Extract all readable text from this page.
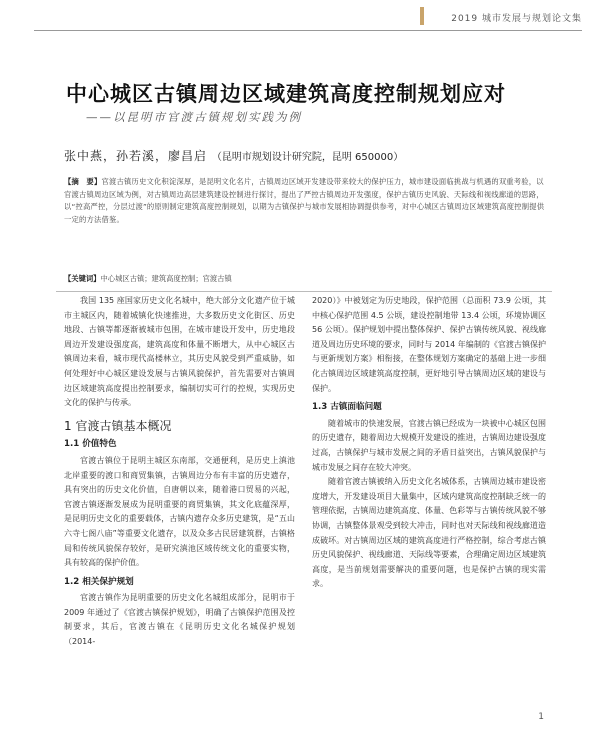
2019 城市发展与规划论文集
中心城区古镇周边区域建筑高度控制规划应对
——以昆明市官渡古镇规划实践为例
张中燕，孙若溪，廖昌启 （昆明市规划设计研究院，昆明 650000）
【摘　要】官渡古镇历史文化积淀深厚，是昆明文化名片，古镇周边区域开发建设带来较大的保护压力，城市建设面临挑战与机遇的双重考验，以官渡古镇周边区域为例，对古镇周边高层建筑建设控制进行探讨，提出了严控古镇周边开发强度，保护古镇历史风貌、天际线和视线廊道的思路，以“控高严控，分层过渡”的原则制定建筑高度控制规划，以期为古镇保护与城市发展相协调提供参考，对中心城区古镇周边区域建筑高度控制提供一定的方法借鉴。
【关键词】中心城区古镇；建筑高度控制；官渡古镇

我国 135 座国家历史文化名城中，绝大部分文化遗产位于城市主城区内，随着城镇化快速推进，大多数历史文化街区、历史地段、古镇等都逐渐被城市包围，在城市建设开发中，历史地段周边开发建设强度高，建筑高度和体量不断增大，从中心城区古镇周边来看，城市现代高楼林立，其历史风貌受到严重威胁，如何处理好中心城区建设发展与古镇风貌保护，首先需要对古镇周边区域建筑高度提出控制要求，编制切实可行的控规，实现历史文化的保护与传承。

1 官渡古镇基本概况
1.1 价值特色

官渡古镇位于昆明主城区东南部，交通便利，是历史上滇池北岸重要的渡口和商贸集镇，古镇周边分布有丰富的历史遗存，具有突出的历史文化价值，自唐朝以来，随着港口贸易的兴起，官渡古镇逐渐发展成为昆明重要的商贸集镇，其文化底蕴深厚，是昆明历史文化的重要载体，古镇内遗存众多历史建筑，是“五山六寺七阁八庙”等重要文化遗存，以及众多古民居建筑群，古镇格局和传统风貌保存较好，是研究滇池区域传统文化的重要实物，具有较高的保护价值。

1.2 相关保护规划

官渡古镇作为昆明重要的历史文化名城组成部分，昆明市于 2009 年通过了《官渡古镇保护规划》，明确了古镇保护范围及控制要求，其后，官渡古镇在《昆明历史文化名城保护规划（2014-

2020）》中被划定为历史地段，保护范围（总面积 73.9 公顷，其中核心保护范围 4.5 公顷，建设控制地带 13.4 公顷，环境协调区 56 公顷）。保护规划中提出整体保护、保护古镇传统风貌、视线廊道及周边历史环境的要求，同时与 2014 年编制的《官渡古镇保护与更新规划方案》相衔接，在整体规划方案确定的基础上进一步细化古镇周边区域建筑高度控制，更好地引导古镇周边区域的建设与保护。

1.3 古镇面临问题

随着城市的快速发展，官渡古镇已经成为一块被中心城区包围的历史遗存，随着周边大规模开发建设的推进，古镇周边建设强度过高，古镇保护与城市发展之间的矛盾日益突出，古镇风貌保护与城市发展之间存在较大冲突。

随着官渡古镇被纳入历史文化名城体系，古镇周边城市建设密度增大，开发建设项目大量集中，区域内建筑高度控制缺乏统一的管理依据，古镇周边建筑高度、体量、色彩等与古镇传统风貌不够协调，古镇整体景观受到较大冲击，同时也对天际线和视线廊道造成破坏。对古镇周边区域的建筑高度进行严格控制，综合考虑古镇历史风貌保护、视线廊道、天际线等要素，合理确定周边区域建筑高度，是当前规划需要解决的重要问题，也是保护古镇的现实需求。

1
